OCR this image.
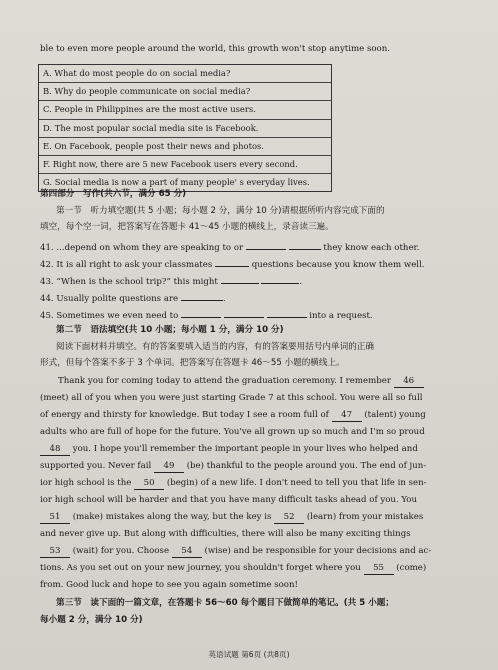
ble to even more people around the world, this growth won't stop anytime soon.
A. What do most people do on social media?
B. Why do people communicate on social media?
C. People in Philippines are the most active users.
D. The most popular social media site is Facebook.
E. On Facebook, people post their news and photos.
F. Right now, there are 5 new Facebook users every second.
G. Social media is now a part of many people' s everyday lives.
第四部分　写作(共六节，满分 65 分)
第一节　听力填空题(共 5 小题；每小题 2 分，满分 10 分)请根据所听内容完成下面的
填空，每个空一词，把答案写在答题卡 41～45 小题的横线上，录音读三遍。
41. ...depend on whom they are speaking to or	they know each other.
42. It is all right to ask your classmates	questions because you know them well.
43. “When is the school trip?” this might	.
44. Usually polite questions are	.
45. Sometimes we even need to	into a request.
第二节　语法填空(共 10 小题；每小题 1 分，满分 10 分)
阅读下面材料并填空。有的答案要填入适当的内容，有的答案要用括号内单词的正确
形式，但每个答案不多于 3 个单词。把答案写在答题卡 46～55 小题的横线上。
Thank you for coming today to attend the graduation ceremony. I remember 46
(meet) all of you when you were just starting Grade 7 at this school. You were all so full
of energy and thirsty for knowledge. But today I see a room full of 47 (talent) young
adults who are full of hope for the future. You've all grown up so much and I'm so proud
48 you. I hope you'll remember the important people in your lives who helped and
supported you. Never fail 49 (be) thankful to the people around you. The end of jun-
ior high school is the 50 (begin) of a new life. I don't need to tell you that life in sen-
ior high school will be harder and that you have many difficult tasks ahead of you. You
51 (make) mistakes along the way, but the key is 52 (learn) from your mistakes
and never give up. But along with difficulties, there will also be many exciting things
53 (wait) for you. Choose 54 (wise) and be responsible for your decisions and ac-
tions. As you set out on your new journey, you shouldn't forget where you 55 (come)
from. Good luck and hope to see you again sometime soon!
第三节　读下面的一篇文章，在答题卡 56～60 每个题目下做简单的笔记。(共 5 小题；
每小题 2 分，满分 10 分)
英语试题 第6页 (共8页)
